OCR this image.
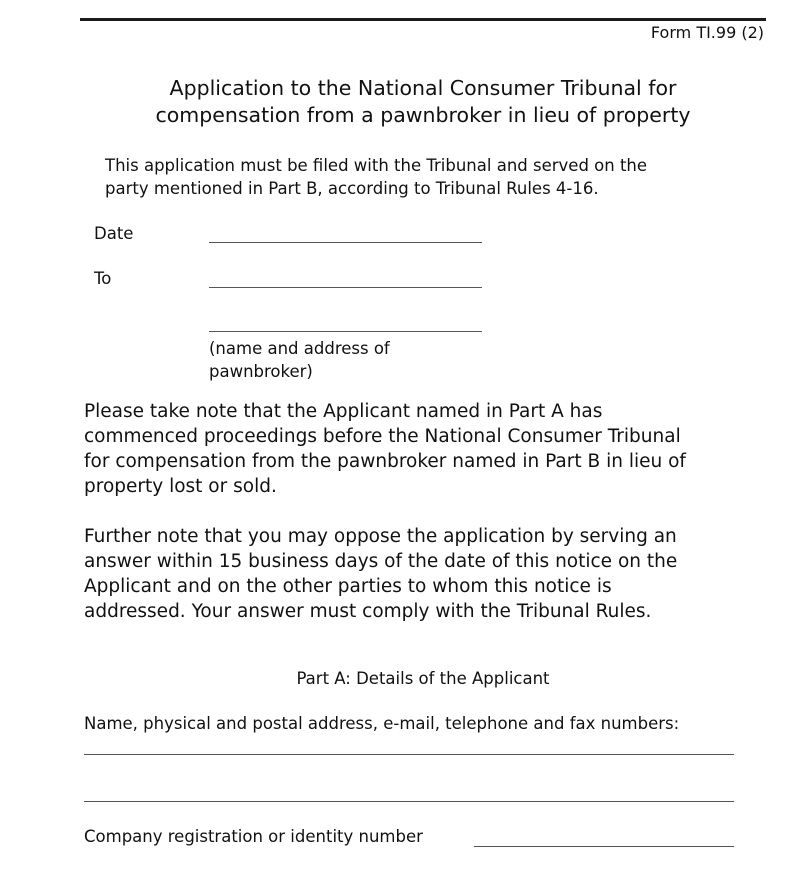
Form TI.99 (2)
Application to the National Consumer Tribunal for
compensation from a pawnbroker in lieu of property
This application must be filed with the Tribunal and served on the
party mentioned in Part B, according to Tribunal Rules 4-16.
Date
To
(name and address of
pawnbroker)
Please take note that the Applicant named in Part A has
commenced proceedings before the National Consumer Tribunal
for compensation from the pawnbroker named in Part B in lieu of
property lost or sold.
Further note that you may oppose the application by serving an
answer within 15 business days of the date of this notice on the
Applicant and on the other parties to whom this notice is
addressed. Your answer must comply with the Tribunal Rules.
Part A: Details of the Applicant
Name, physical and postal address, e-mail, telephone and fax numbers:
Company registration or identity number
